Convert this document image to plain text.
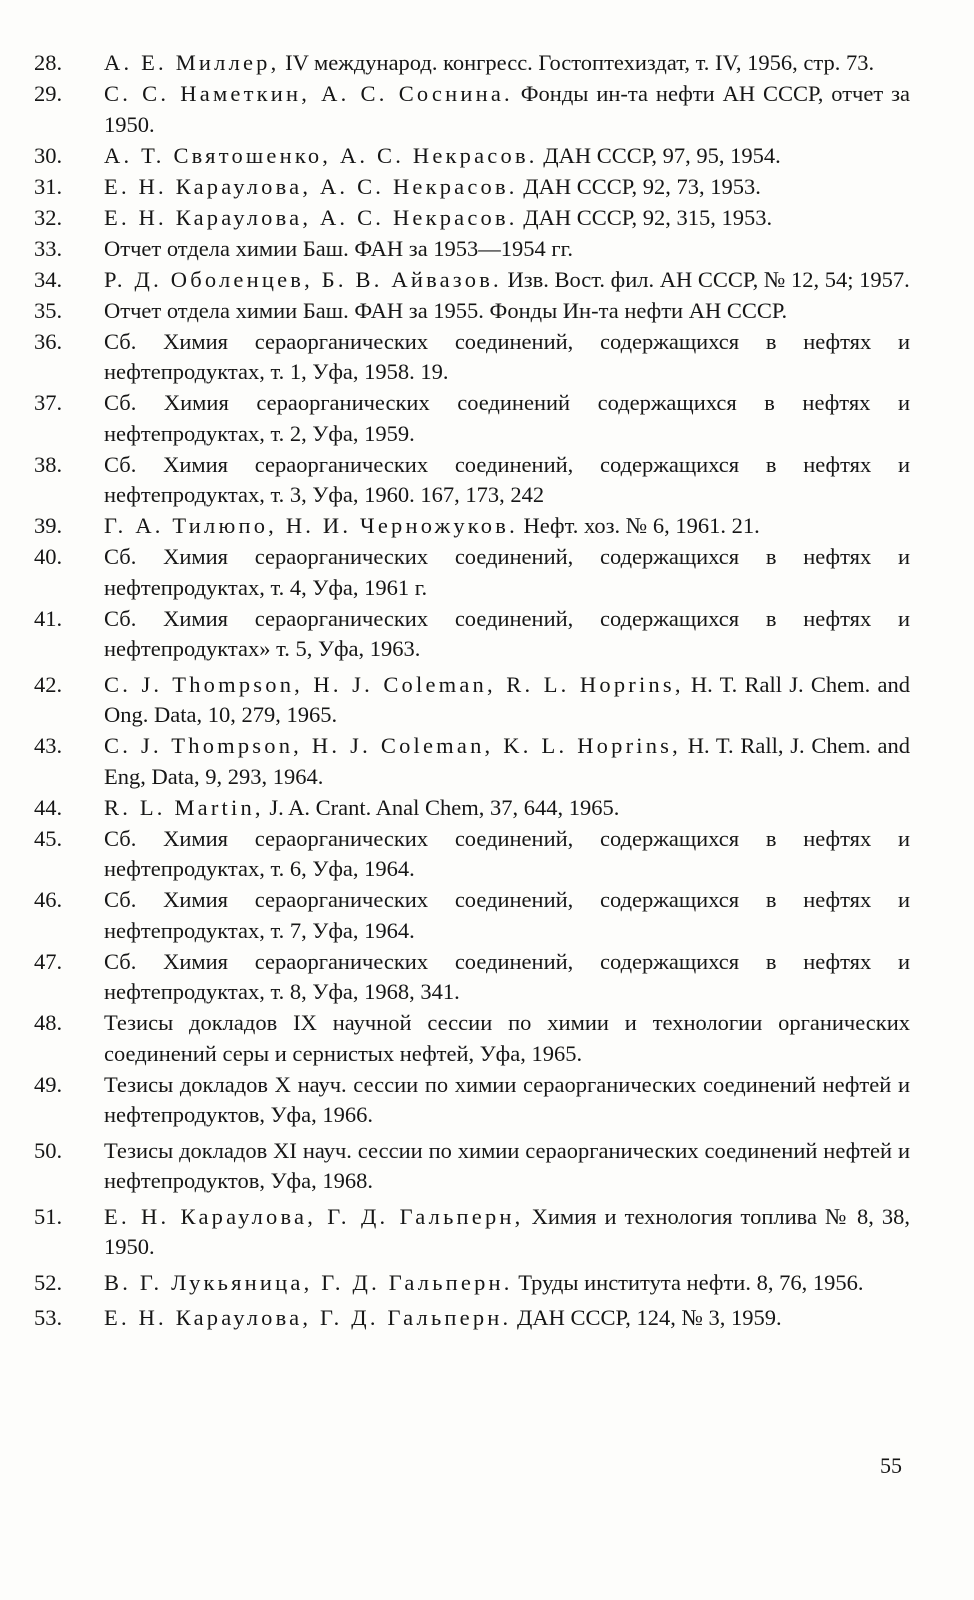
28.	А. Е. Миллер, IV международ. конгресс. Гостоптехиздат, т. IV, 1956, стр. 73.
29.	С. С. Наметкин, А. С. Соснина. Фонды ин-та нефти АН СССР, отчет за 1950.
30.	А. Т. Святошенко, А. С. Некрасов. ДАН СССР, 97, 95, 1954.
31.	Е. Н. Караулова, А. С. Некрасов. ДАН СССР, 92, 73, 1953.
32.	Е. Н. Караулова, А. С. Некрасов. ДАН СССР, 92, 315, 1953.
33.	Отчет отдела химии Баш. ФАН за 1953—1954 гг.
34.	Р. Д. Оболенцев, Б. В. Айвазов. Изв. Вост. фил. АН СССР, № 12, 54; 1957.
35.	Отчет отдела химии Баш. ФАН за 1955. Фонды Ин-та нефти АН СССР.
36.	Сб. Химия сераорганических соединений, содержащихся в нефтях и нефтепродуктах, т. 1, Уфа, 1958. 19.
37.	Сб. Химия сераорганических соединений содержащихся в нефтях и нефтепродуктах, т. 2, Уфа, 1959.
38.	Сб. Химия сераорганических соединений, содержащихся в нефтях и нефтепродуктах, т. 3, Уфа, 1960. 167, 173, 242
39.	Г. А. Тилюпо, Н. И. Черножуков. Нефт. хоз. № 6, 1961. 21.
40.	Сб. Химия сераорганических соединений, содержащихся в нефтях и нефтепродуктах, т. 4, Уфа, 1961 г.
41.	Сб. Химия сераорганических соединений, содержащихся в нефтях и нефтепродуктах» т. 5, Уфа, 1963.
42.	C. J. Thompson, H. J. Coleman, R. L. Hoprins, H. T. Rall J. Chem. and Ong. Data, 10, 279, 1965.
43.	C. J. Thompson, H. J. Coleman, K. L. Hoprins, H. T. Rall, J. Chem. and Eng, Data, 9, 293, 1964.
44.	R. L. Martin, J. A. Crant. Anal Chem, 37, 644, 1965.
45.	Сб. Химия сераорганических соединений, содержащихся в нефтях и нефтепродуктах, т. 6, Уфа, 1964.
46.	Сб. Химия сераорганических соединений, содержащихся в нефтях и нефтепродуктах, т. 7, Уфа, 1964.
47.	Сб. Химия сераорганических соединений, содержащихся в нефтях и нефтепродуктах, т. 8, Уфа, 1968, 341.
48.	Тезисы докладов IX научной сессии по химии и технологии органических соединений серы и сернистых нефтей, Уфа, 1965.
49.	Тезисы докладов X науч. сессии по химии сераорганических соединений нефтей и нефтепродуктов, Уфа, 1966.
50.	Тезисы докладов XI науч. сессии по химии сераорганических соединений нефтей и нефтепродуктов, Уфа, 1968.
51.	Е. Н. Караулова, Г. Д. Гальперн, Химия и технология топлива № 8, 38, 1950.
52.	В. Г. Лукьяница, Г. Д. Гальперн. Труды института нефти. 8, 76, 1956.
53.	Е. Н. Караулова, Г. Д. Гальперн. ДАН СССР, 124, № 3, 1959.
55
